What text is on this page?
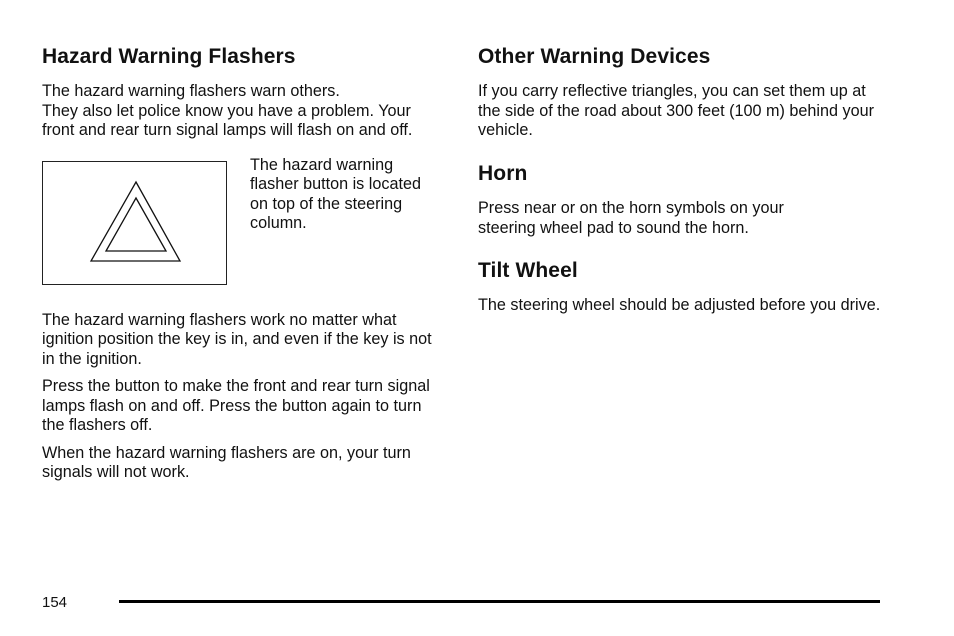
Hazard Warning Flashers

The hazard warning flashers warn others.

They also let police know you have a problem. Your front and rear turn signal lamps will flash on and off.

The hazard warning flasher button is located on top of the steering column.

The hazard warning flashers work no matter what ignition position the key is in, and even if the key is not in the ignition.

Press the button to make the front and rear turn signal lamps flash on and off. Press the button again to turn the flashers off.

When the hazard warning flashers are on, your turn signals will not work.

Other Warning Devices

If you carry reflective triangles, you can set them up at the side of the road about 300 feet (100 m) behind your vehicle.

Horn

Press near or on the horn symbols on your steering wheel pad to sound the horn.

Tilt Wheel

The steering wheel should be adjusted before you drive.

154
